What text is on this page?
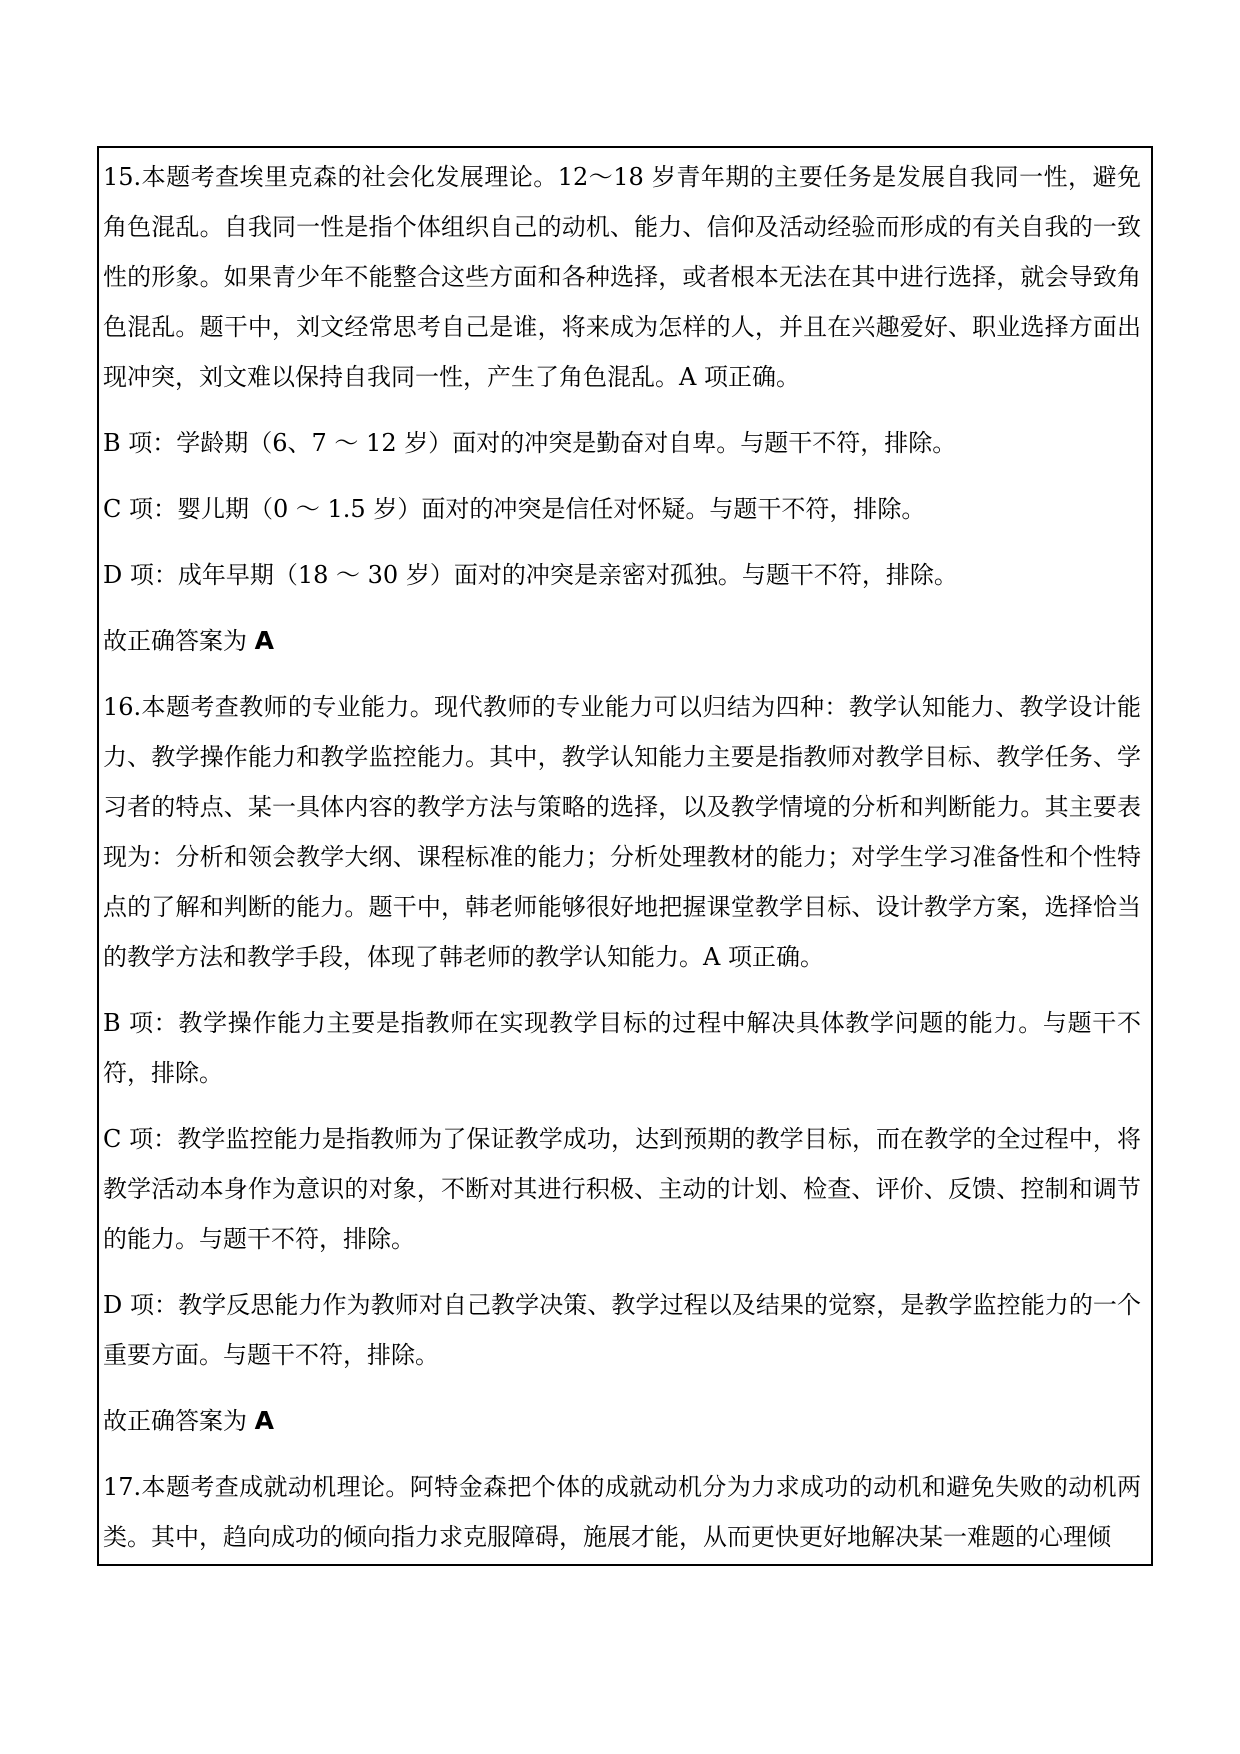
15.本题考查埃里克森的社会化发展理论。12～18 岁青年期的主要任务是发展自我同一性，避免角色混乱。自我同一性是指个体组织自己的动机、能力、信仰及活动经验而形成的有关自我的一致性的形象。如果青少年不能整合这些方面和各种选择，或者根本无法在其中进行选择，就会导致角色混乱。题干中，刘文经常思考自己是谁，将来成为怎样的人，并且在兴趣爱好、职业选择方面出现冲突，刘文难以保持自我同一性，产生了角色混乱。A 项正确。

B 项：学龄期（6、7 ～ 12 岁）面对的冲突是勤奋对自卑。与题干不符，排除。

C 项：婴儿期（0 ～ 1.5 岁）面对的冲突是信任对怀疑。与题干不符，排除。

D 项：成年早期（18 ～ 30 岁）面对的冲突是亲密对孤独。与题干不符，排除。

故正确答案为 A

16.本题考查教师的专业能力。现代教师的专业能力可以归结为四种：教学认知能力、教学设计能力、教学操作能力和教学监控能力。其中，教学认知能力主要是指教师对教学目标、教学任务、学习者的特点、某一具体内容的教学方法与策略的选择，以及教学情境的分析和判断能力。其主要表现为：分析和领会教学大纲、课程标准的能力；分析处理教材的能力；对学生学习准备性和个性特点的了解和判断的能力。题干中，韩老师能够很好地把握课堂教学目标、设计教学方案，选择恰当的教学方法和教学手段，体现了韩老师的教学认知能力。A 项正确。

B 项：教学操作能力主要是指教师在实现教学目标的过程中解决具体教学问题的能力。与题干不符，排除。

C 项：教学监控能力是指教师为了保证教学成功，达到预期的教学目标，而在教学的全过程中，将教学活动本身作为意识的对象，不断对其进行积极、主动的计划、检查、评价、反馈、控制和调节的能力。与题干不符，排除。

D 项：教学反思能力作为教师对自己教学决策、教学过程以及结果的觉察，是教学监控能力的一个重要方面。与题干不符，排除。

故正确答案为 A

17.本题考查成就动机理论。阿特金森把个体的成就动机分为力求成功的动机和避免失败的动机两类。其中，趋向成功的倾向指力求克服障碍，施展才能，从而更快更好地解决某一难题的心理倾
